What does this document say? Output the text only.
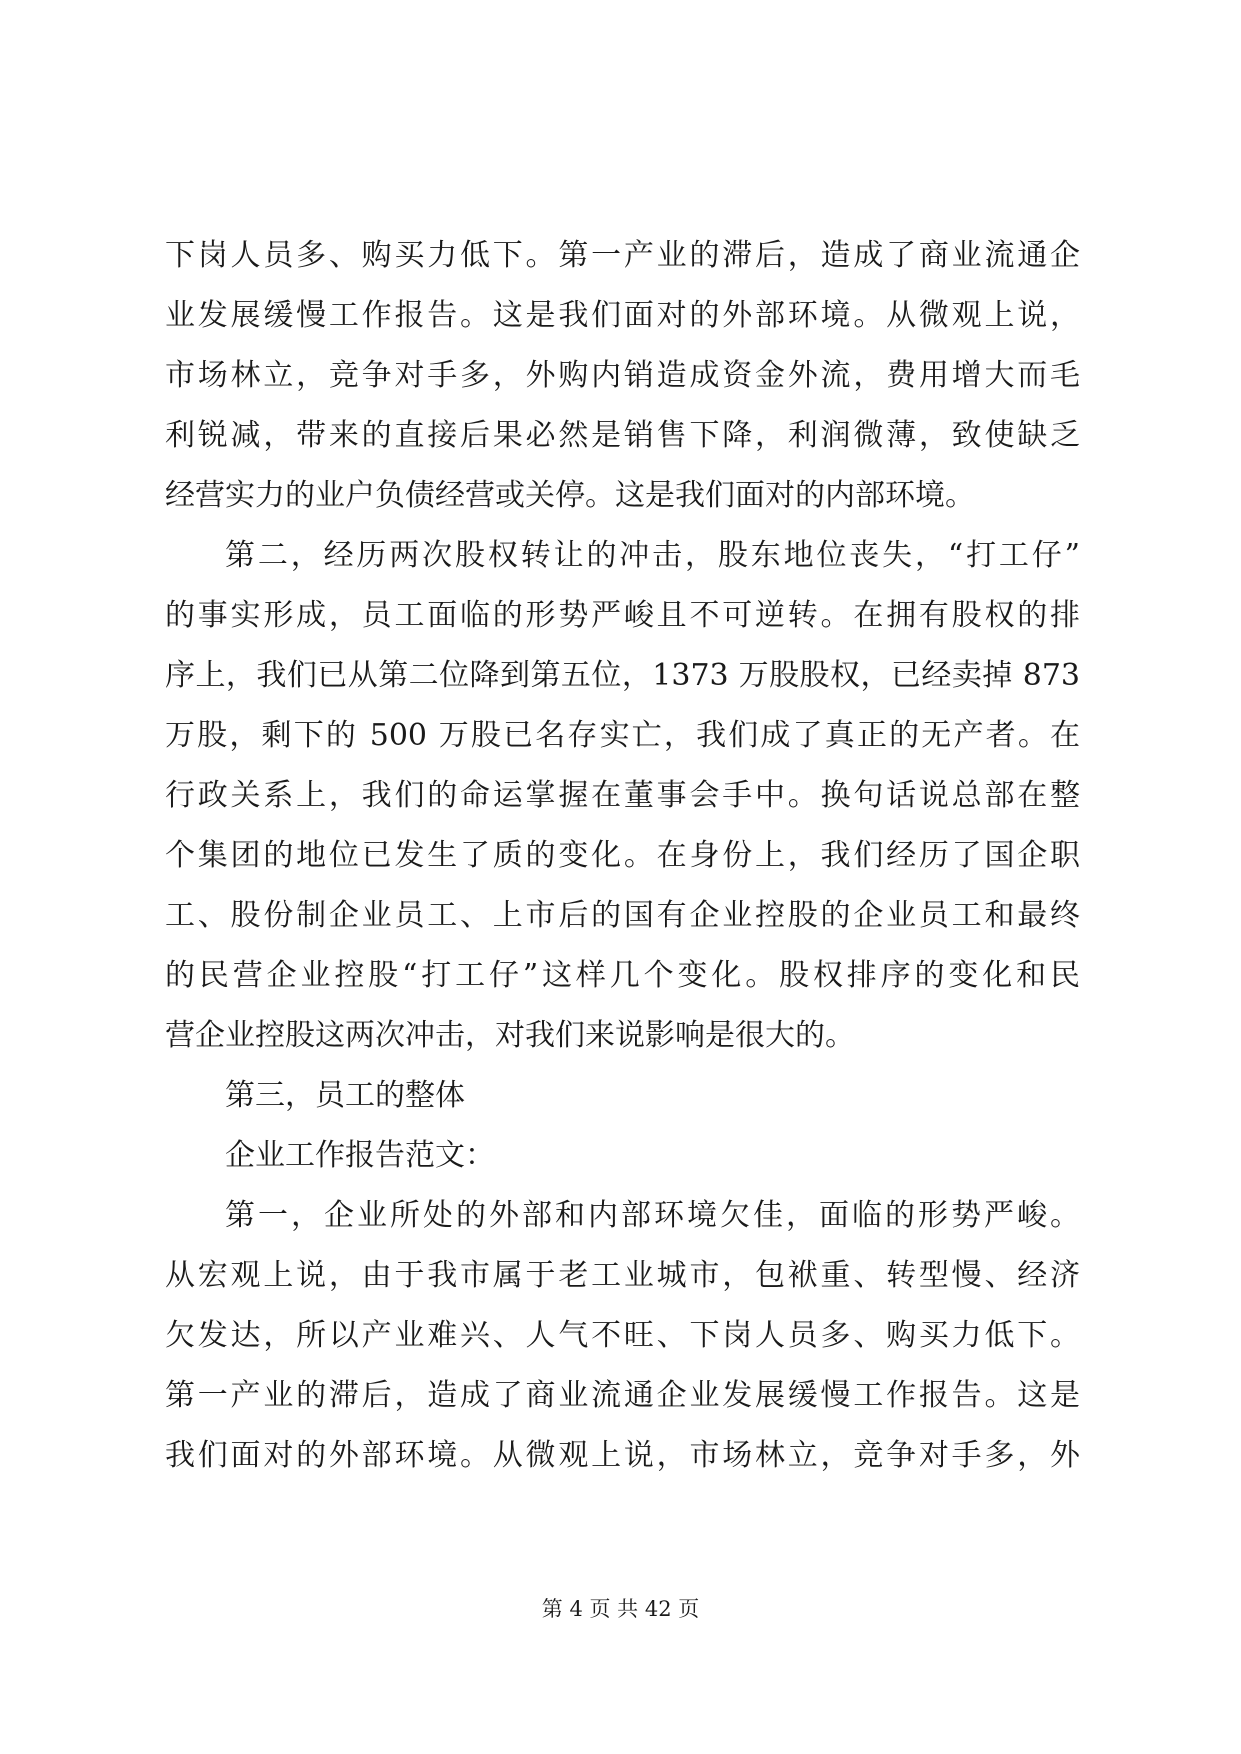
下岗人员多、购买力低下。第一产业的滞后，造成了商业流通企
业发展缓慢工作报告。这是我们面对的外部环境。从微观上说，
市场林立，竞争对手多，外购内销造成资金外流，费用增大而毛
利锐减，带来的直接后果必然是销售下降，利润微薄，致使缺乏
经营实力的业户负债经营或关停。这是我们面对的内部环境。
第二，经历两次股权转让的冲击，股东地位丧失，“打工仔”
的事实形成，员工面临的形势严峻且不可逆转。在拥有股权的排
序上，我们已从第二位降到第五位，1373 万股股权，已经卖掉 873
万股，剩下的 500 万股已名存实亡，我们成了真正的无产者。在
行政关系上，我们的命运掌握在董事会手中。换句话说总部在整
个集团的地位已发生了质的变化。在身份上，我们经历了国企职
工、股份制企业员工、上市后的国有企业控股的企业员工和最终
的民营企业控股“打工仔”这样几个变化。股权排序的变化和民
营企业控股这两次冲击，对我们来说影响是很大的。
第三，员工的整体
企业工作报告范文：
第一，企业所处的外部和内部环境欠佳，面临的形势严峻。
从宏观上说，由于我市属于老工业城市，包袱重、转型慢、经济
欠发达，所以产业难兴、人气不旺、下岗人员多、购买力低下。
第一产业的滞后，造成了商业流通企业发展缓慢工作报告。这是
我们面对的外部环境。从微观上说，市场林立，竞争对手多，外
第 4 页 共 42 页
